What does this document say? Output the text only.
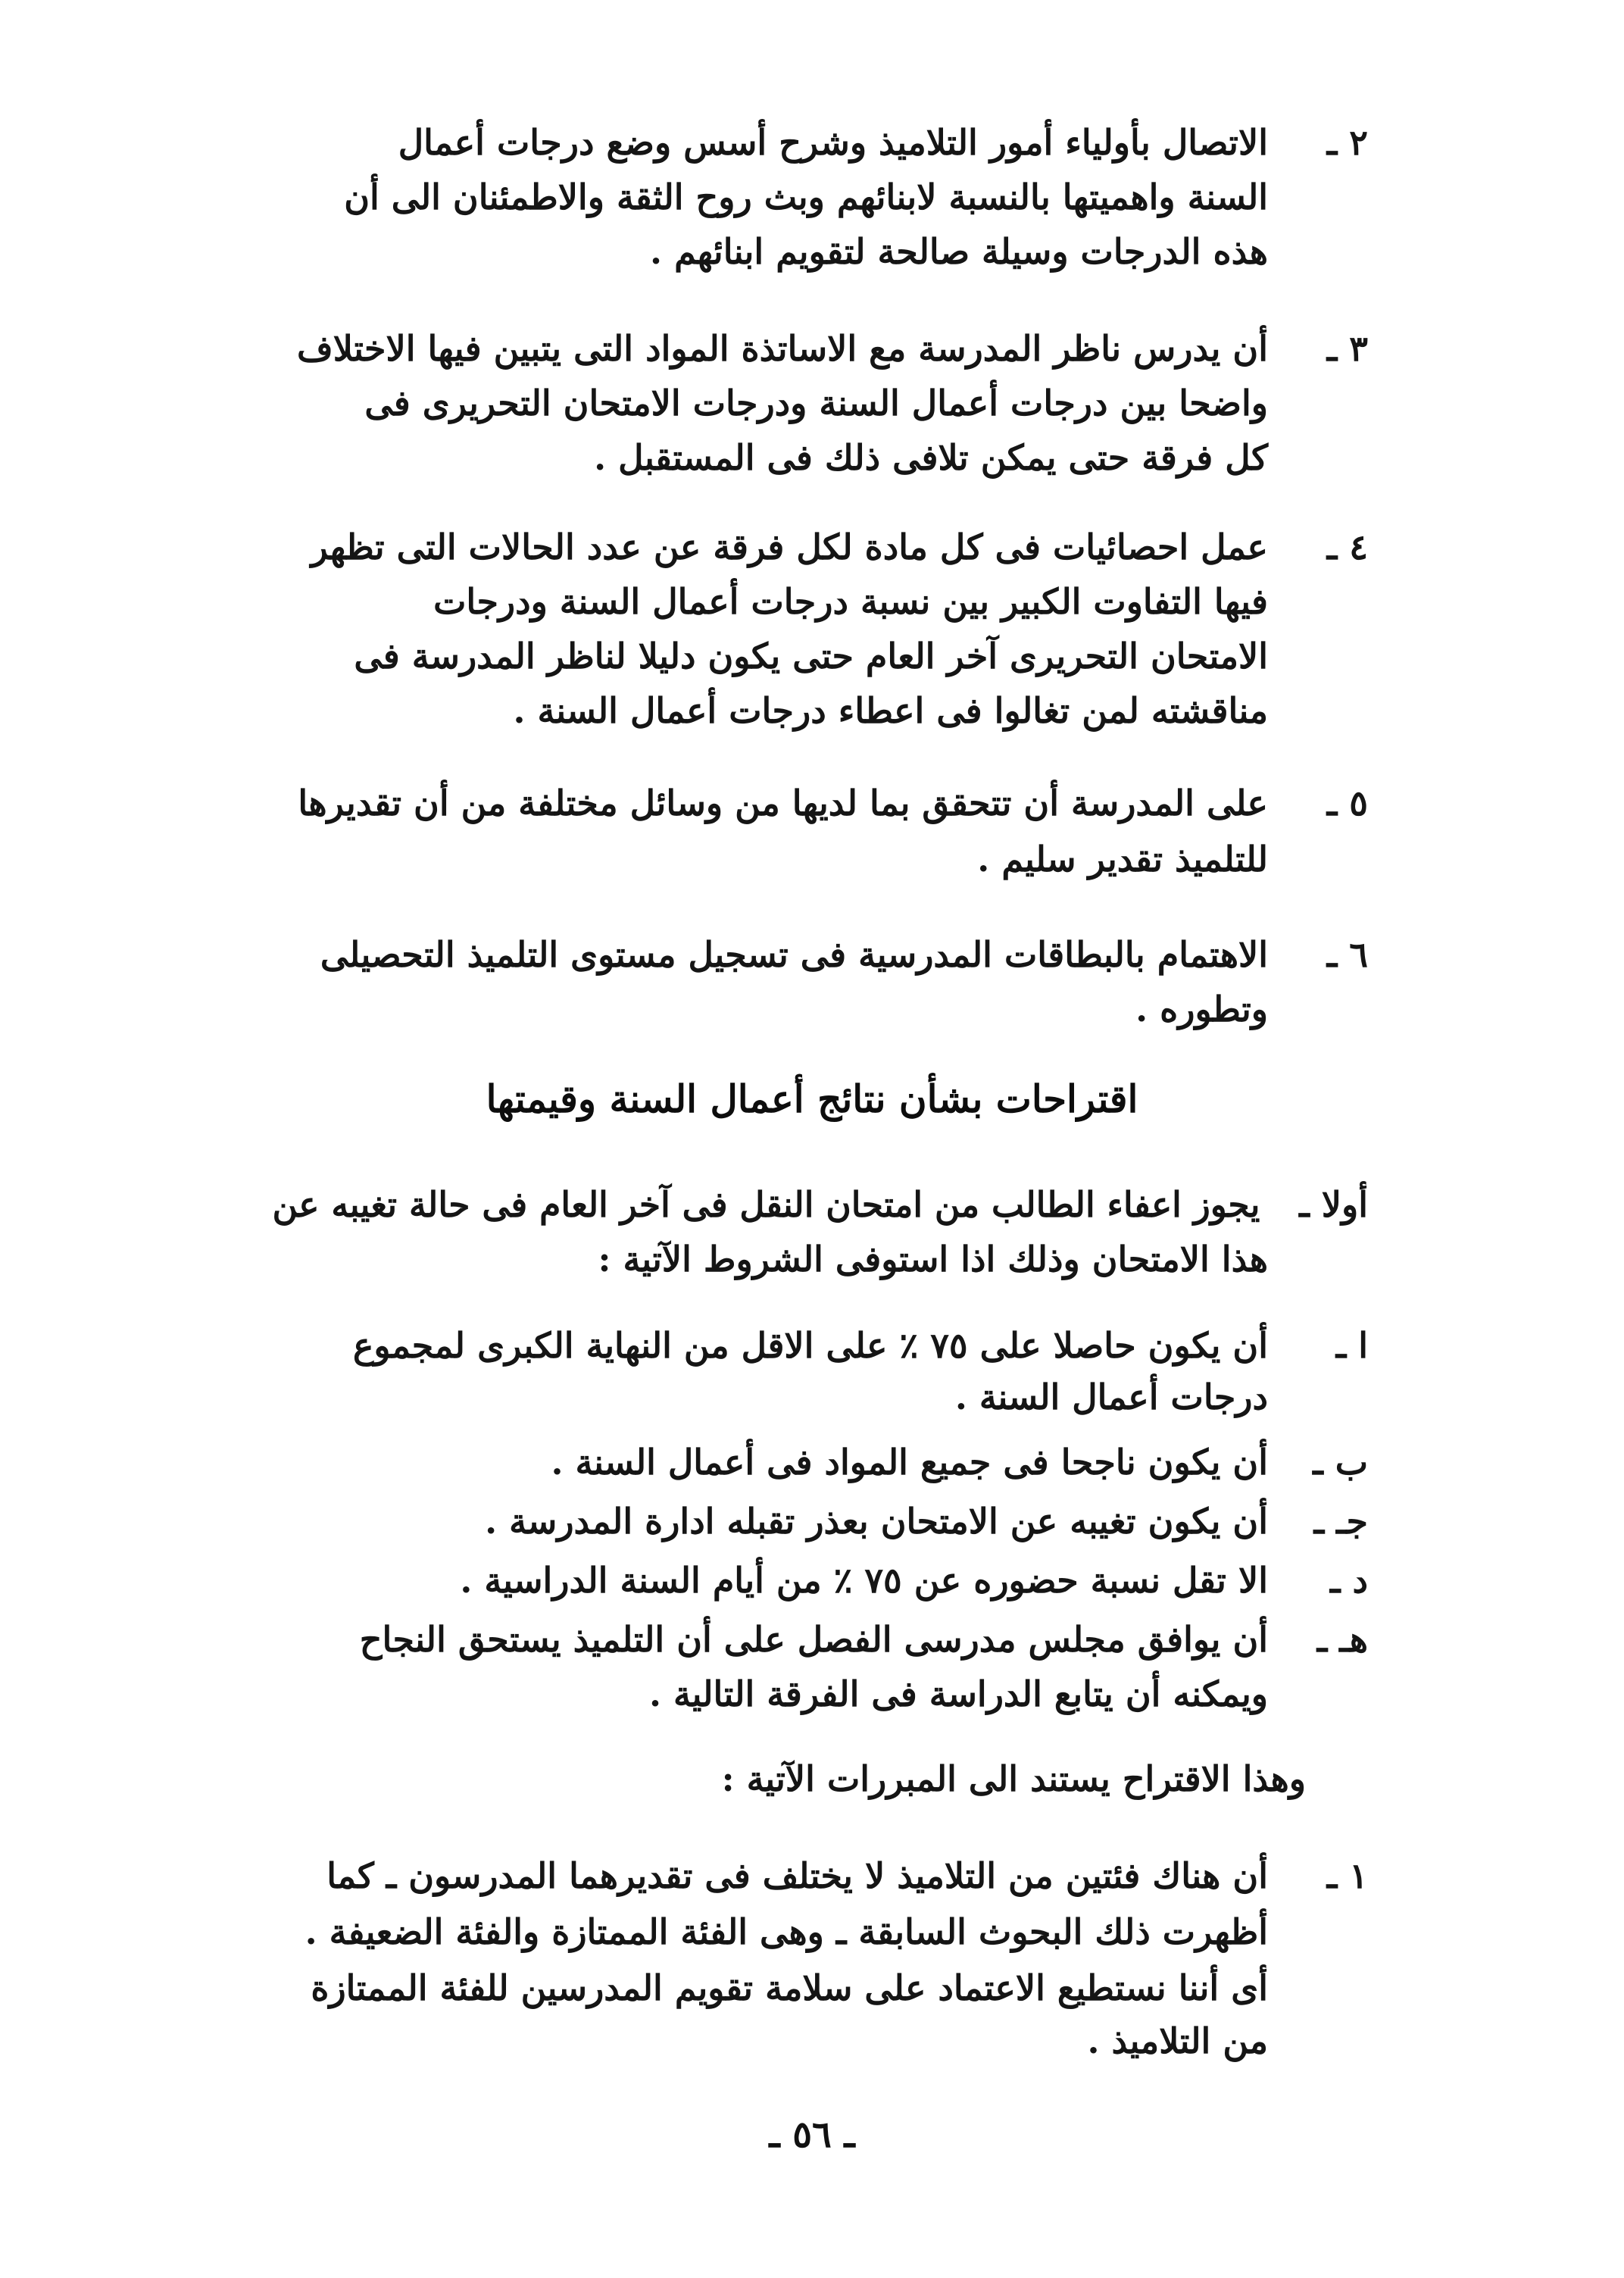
٢ ـ
الاتصال بأولياء أمور التلاميذ وشرح أسس وضع درجات أعمال
السنة واهميتها بالنسبة لابنائهم وبث روح الثقة والاطمئنان الى أن
هذه الدرجات وسيلة صالحة لتقويم ابنائهم .
٣ ـ
أن يدرس ناظر المدرسة مع الاساتذة المواد التى يتبين فيها الاختلاف
واضحا بين درجات أعمال السنة ودرجات الامتحان التحريرى فى
كل فرقة حتى يمكن تلافى ذلك فى المستقبل .
٤ ـ
عمل احصائيات فى كل مادة لكل فرقة عن عدد الحالات التى تظهر
فيها التفاوت الكبير بين نسبة درجات أعمال السنة ودرجات
الامتحان التحريرى آخر العام حتى يكون دليلا لناظر المدرسة فى
مناقشته لمن تغالوا فى اعطاء درجات أعمال السنة .
٥ ـ
على المدرسة أن تتحقق بما لديها من وسائل مختلفة من أن تقديرها
للتلميذ تقدير سليم .
٦ ـ
الاهتمام بالبطاقات المدرسية فى تسجيل مستوى التلميذ التحصيلى
وتطوره .
اقتراحات بشأن نتائج أعمال السنة وقيمتها
أولا ـ
يجوز اعفاء الطالب من امتحان النقل فى آخر العام فى حالة تغيبه عن
هذا الامتحان وذلك اذا استوفى الشروط الآتية :
ا ـ
أن يكون حاصلا على ٧٥ ٪ على الاقل من النهاية الكبرى لمجموع
درجات أعمال السنة .
ب ـ
أن يكون ناجحا فى جميع المواد فى أعمال السنة .
جـ ـ
أن يكون تغيبه عن الامتحان بعذر تقبله ادارة المدرسة .
د ـ
الا تقل نسبة حضوره عن ٧٥ ٪ من أيام السنة الدراسية .
هـ ـ
أن يوافق مجلس مدرسى الفصل على أن التلميذ يستحق النجاح
ويمكنه أن يتابع الدراسة فى الفرقة التالية .
وهذا الاقتراح يستند الى المبررات الآتية :
١ ـ
أن هناك فئتين من التلاميذ لا يختلف فى تقديرهما المدرسون ـ كما
أظهرت ذلك البحوث السابقة ـ وهى الفئة الممتازة والفئة الضعيفة .
أى أننا نستطيع الاعتماد على سلامة تقويم المدرسين للفئة الممتازة
من التلاميذ .
ـ ٥٦ ـ
